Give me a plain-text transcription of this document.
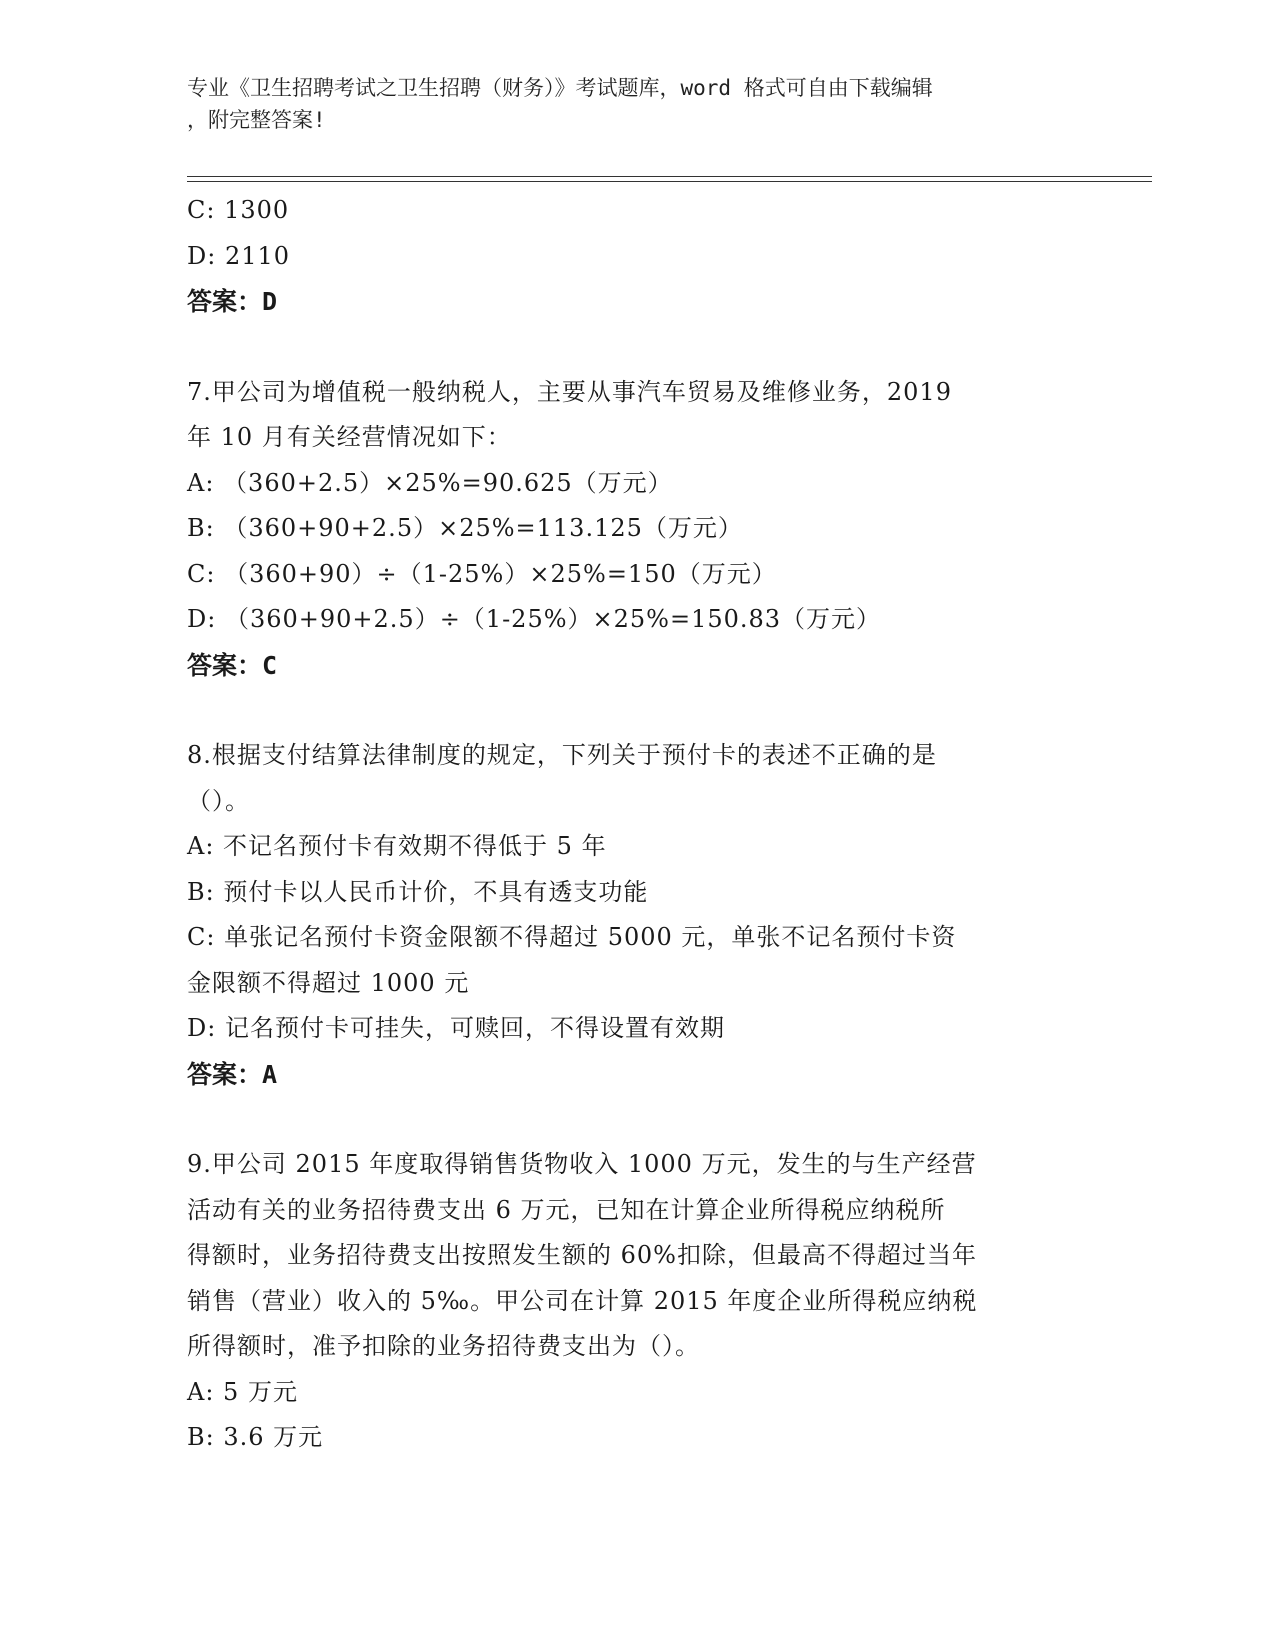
专业《卫生招聘考试之卫生招聘（财务）》考试题库，word 格式可自由下载编辑
，附完整答案!
C: 1300
D: 2110
答案：D
7.甲公司为增值税一般纳税人，主要从事汽车贸易及维修业务，2019
年 10 月有关经营情况如下：
A: （360+2.5）×25%=90.625（万元）
B: （360+90+2.5）×25%=113.125（万元）
C: （360+90）÷（1-25%）×25%=150（万元）
D: （360+90+2.5）÷（1-25%）×25%=150.83（万元）
答案：C
8.根据支付结算法律制度的规定，下列关于预付卡的表述不正确的是
（）。
A: 不记名预付卡有效期不得低于 5 年
B: 预付卡以人民币计价，不具有透支功能
C: 单张记名预付卡资金限额不得超过 5000 元，单张不记名预付卡资
金限额不得超过 1000 元
D: 记名预付卡可挂失，可赎回，不得设置有效期
答案：A
9.甲公司 2015 年度取得销售货物收入 1000 万元，发生的与生产经营
活动有关的业务招待费支出 6 万元，已知在计算企业所得税应纳税所
得额时，业务招待费支出按照发生额的 60%扣除，但最高不得超过当年
销售（营业）收入的 5‰。甲公司在计算 2015 年度企业所得税应纳税
所得额时，准予扣除的业务招待费支出为（）。
A: 5 万元
B: 3.6 万元
